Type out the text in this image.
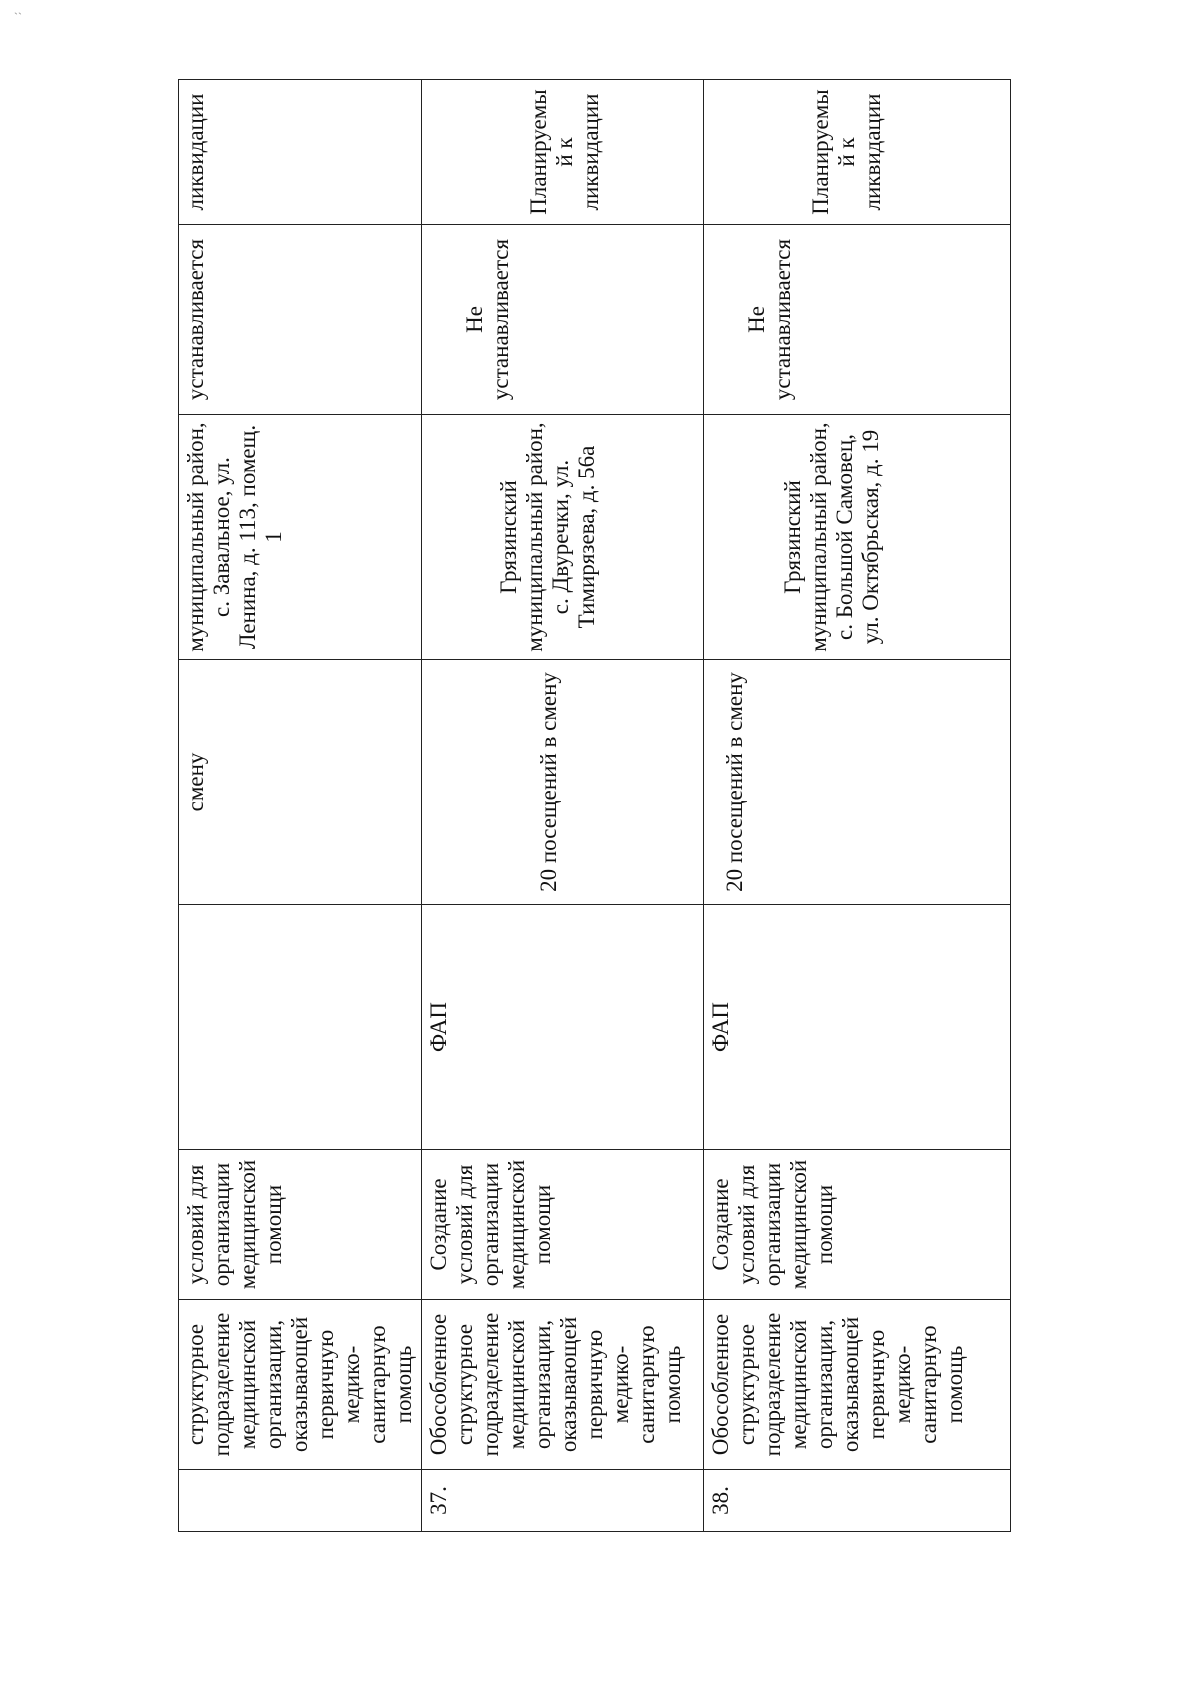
``

	структурное подразделение медицинской организации, оказывающей первичную медико-санитарную помощь	условий для организации медицинской помощи		смену	муниципальный район, с. Завальное, ул. Ленина, д. 113, помещ. 1	устанавливается	ликвидации

37.	Обособленное структурное подразделение медицинской организации, оказывающей первичную медико-санитарную помощь	Создание условий для организации медицинской помощи	ФАП	20 посещений в смену	Грязинский муниципальный район, с. Двуречки, ул. Тимирязева, д. 56а	Не устанавливается	Планируемый к ликвидации

38.	Обособленное структурное подразделение медицинской организации, оказывающей первичную медико-санитарную помощь	Создание условий для организации медицинской помощи	ФАП	20 посещений в смену	Грязинский муниципальный район, с. Большой Самовец, ул. Октябрьская, д. 19	Не устанавливается	Планируемый к ликвидации
